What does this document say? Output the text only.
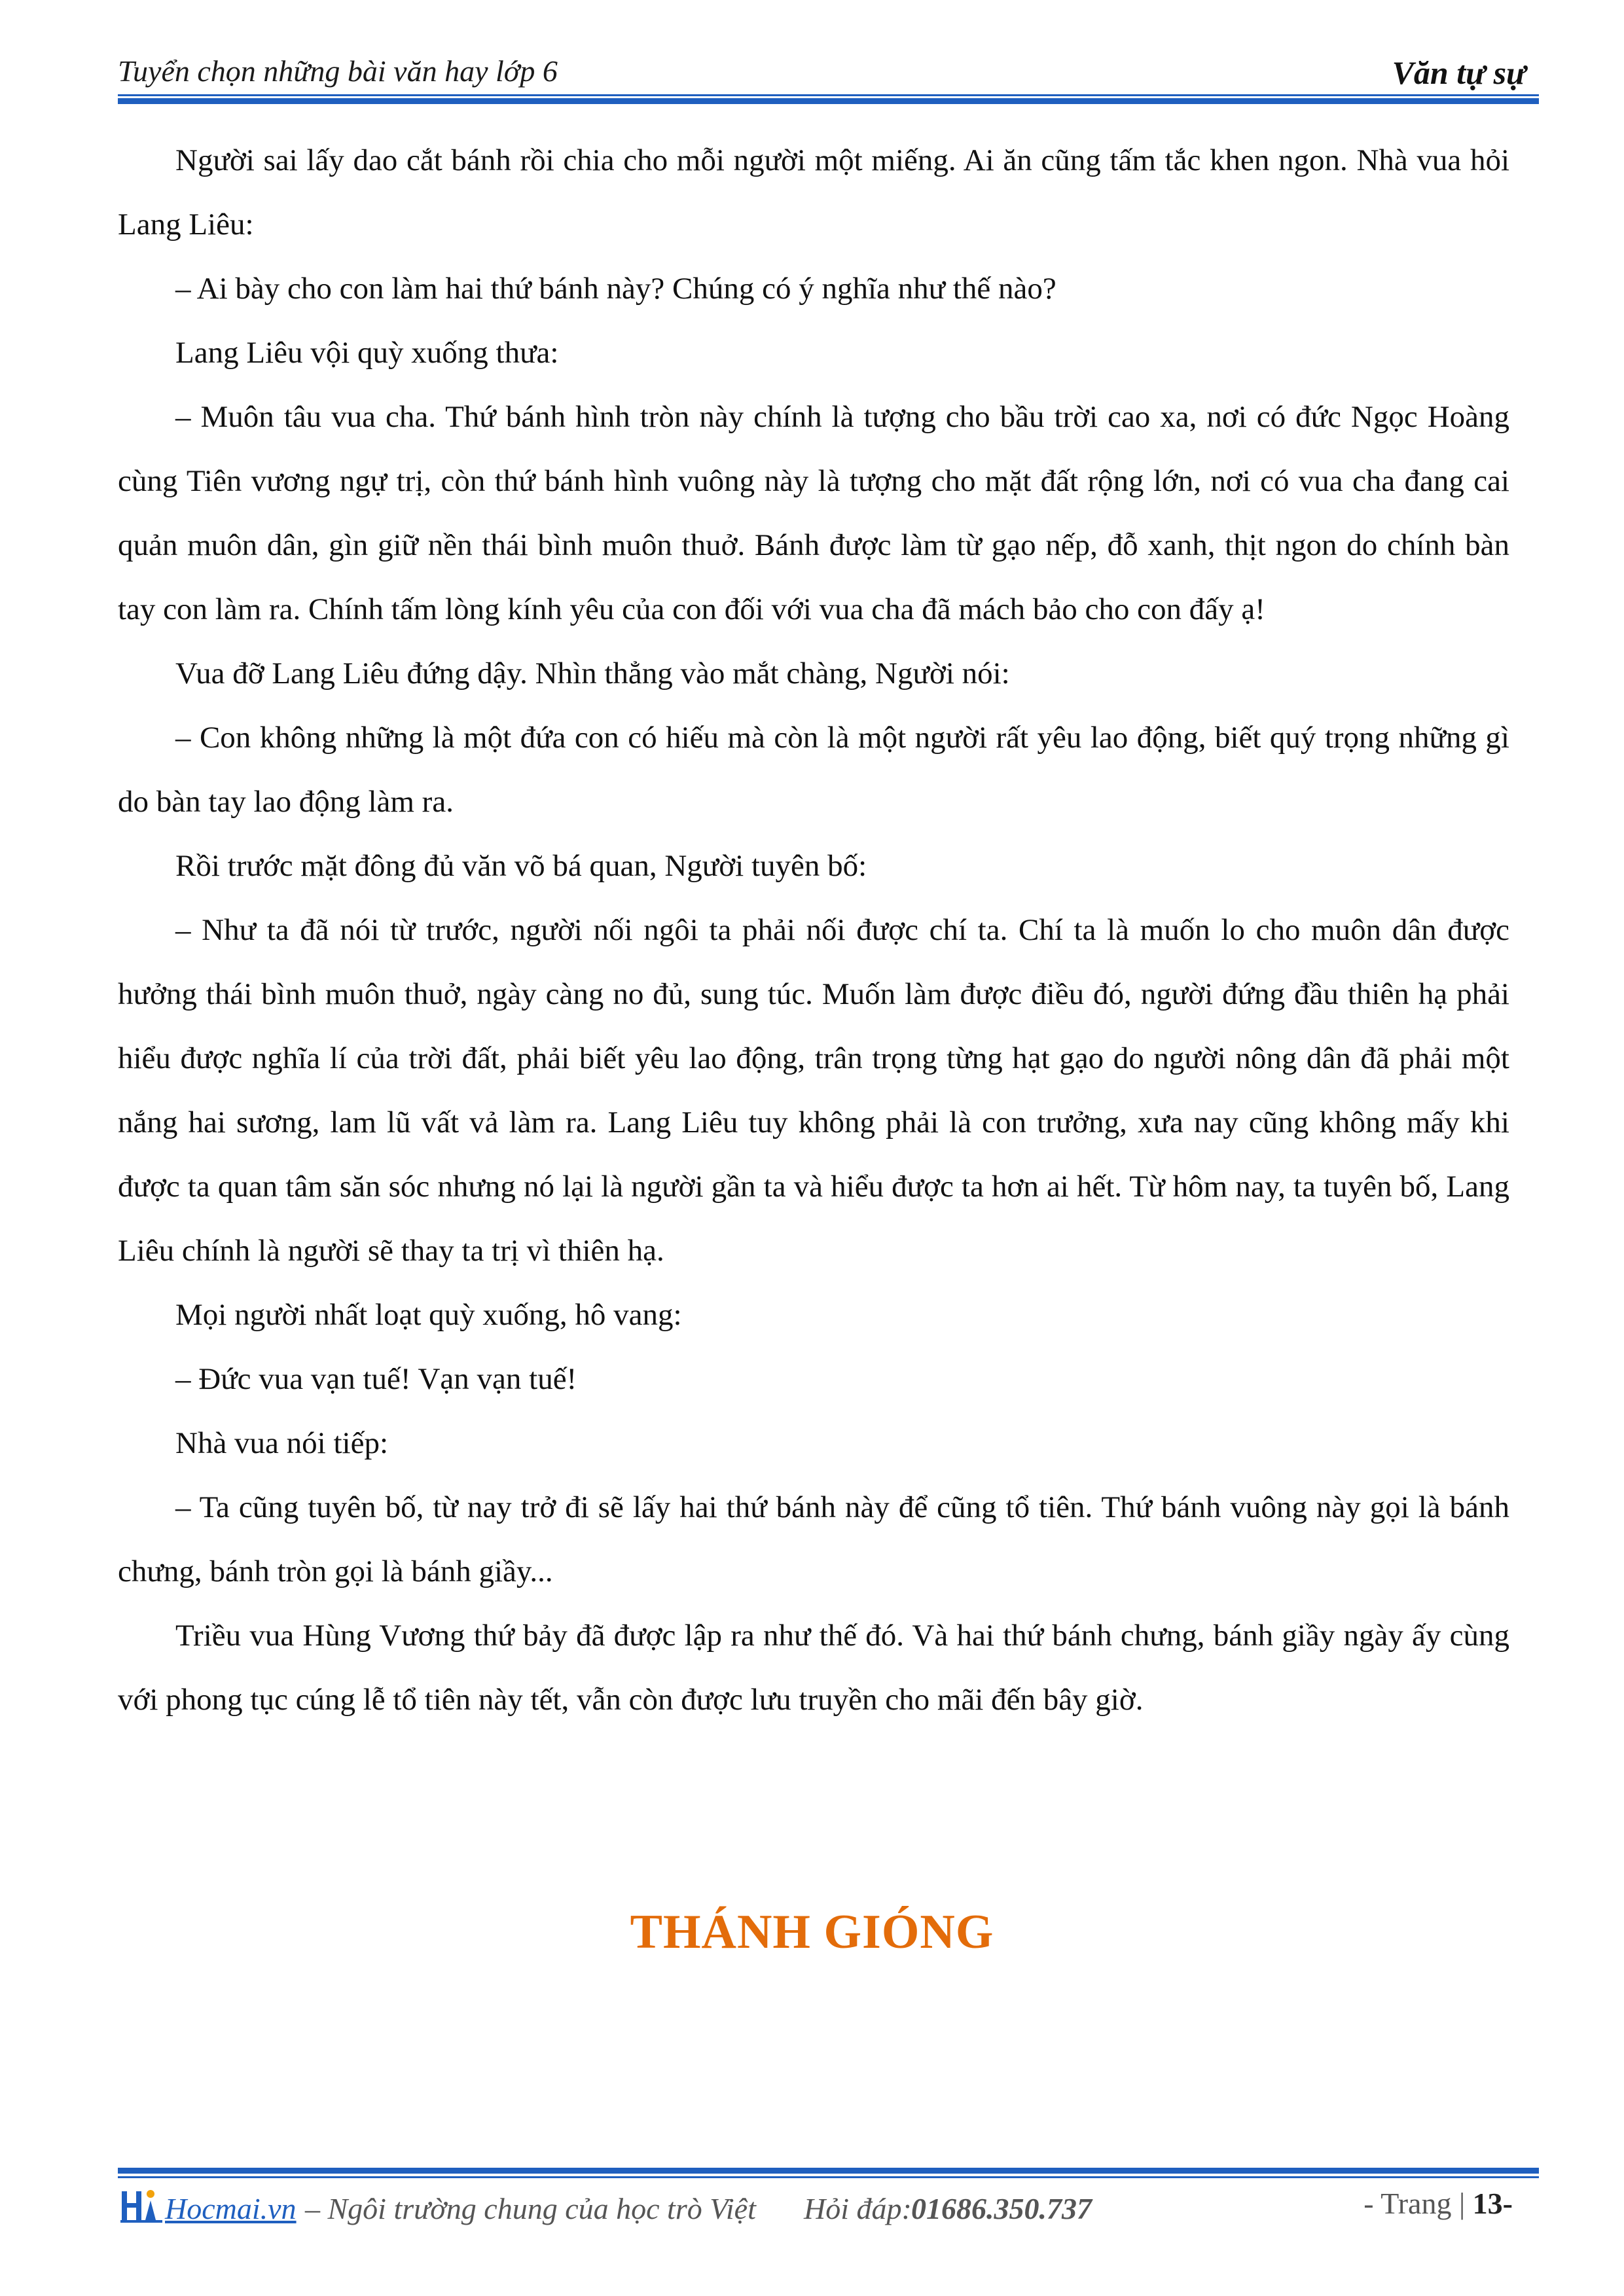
Tuyển chọn những bài văn hay lớp 6	Văn tự sự

Người sai lấy dao cắt bánh rồi chia cho mỗi người một miếng. Ai ăn cũng tấm tắc khen ngon. Nhà vua hỏi Lang Liêu:

– Ai bày cho con làm hai thứ bánh này? Chúng có ý nghĩa như thế nào?

Lang Liêu vội quỳ xuống thưa:

– Muôn tâu vua cha. Thứ bánh hình tròn này chính là tượng cho bầu trời cao xa, nơi có đức Ngọc Hoàng cùng Tiên vương ngự trị, còn thứ bánh hình vuông này là tượng cho mặt đất rộng lớn, nơi có vua cha đang cai quản muôn dân, gìn giữ nền thái bình muôn thuở. Bánh được làm từ gạo nếp, đỗ xanh, thịt ngon do chính bàn tay con làm ra. Chính tấm lòng kính yêu của con đối với vua cha đã mách bảo cho con đấy ạ!

Vua đỡ Lang Liêu đứng dậy. Nhìn thẳng vào mắt chàng, Người nói:

– Con không những là một đứa con có hiếu mà còn là một người rất yêu lao động, biết quý trọng những gì do bàn tay lao động làm ra.

Rồi trước mặt đông đủ văn võ bá quan, Người tuyên bố:

– Như ta đã nói từ trước, người nối ngôi ta phải nối được chí ta. Chí ta là muốn lo cho muôn dân được hưởng thái bình muôn thuở, ngày càng no đủ, sung túc. Muốn làm được điều đó, người đứng đầu thiên hạ phải hiểu được nghĩa lí của trời đất, phải biết yêu lao động, trân trọng từng hạt gạo do người nông dân đã phải một nắng hai sương, lam lũ vất vả làm ra. Lang Liêu tuy không phải là con trưởng, xưa nay cũng không mấy khi được ta quan tâm săn sóc nhưng nó lại là người gần ta và hiểu được ta hơn ai hết. Từ hôm nay, ta tuyên bố, Lang Liêu chính là người sẽ thay ta trị vì thiên hạ.

Mọi người nhất loạt quỳ xuống, hô vang:

– Đức vua vạn tuế! Vạn vạn tuế!

Nhà vua nói tiếp:

– Ta cũng tuyên bố, từ nay trở đi sẽ lấy hai thứ bánh này để cũng tổ tiên. Thứ bánh vuông này gọi là bánh chưng, bánh tròn gọi là bánh giầy...

Triều vua Hùng Vương thứ bảy đã được lập ra như thế đó. Và hai thứ bánh chưng, bánh giầy ngày ấy cùng với phong tục cúng lễ tổ tiên này tết, vẫn còn được lưu truyền cho mãi đến bây giờ.

THÁNH GIÓNG
Hocmai.vn – Ngôi trường chung của học trò Việt Hỏi đáp: 01686.350.737	- Trang | 13-
